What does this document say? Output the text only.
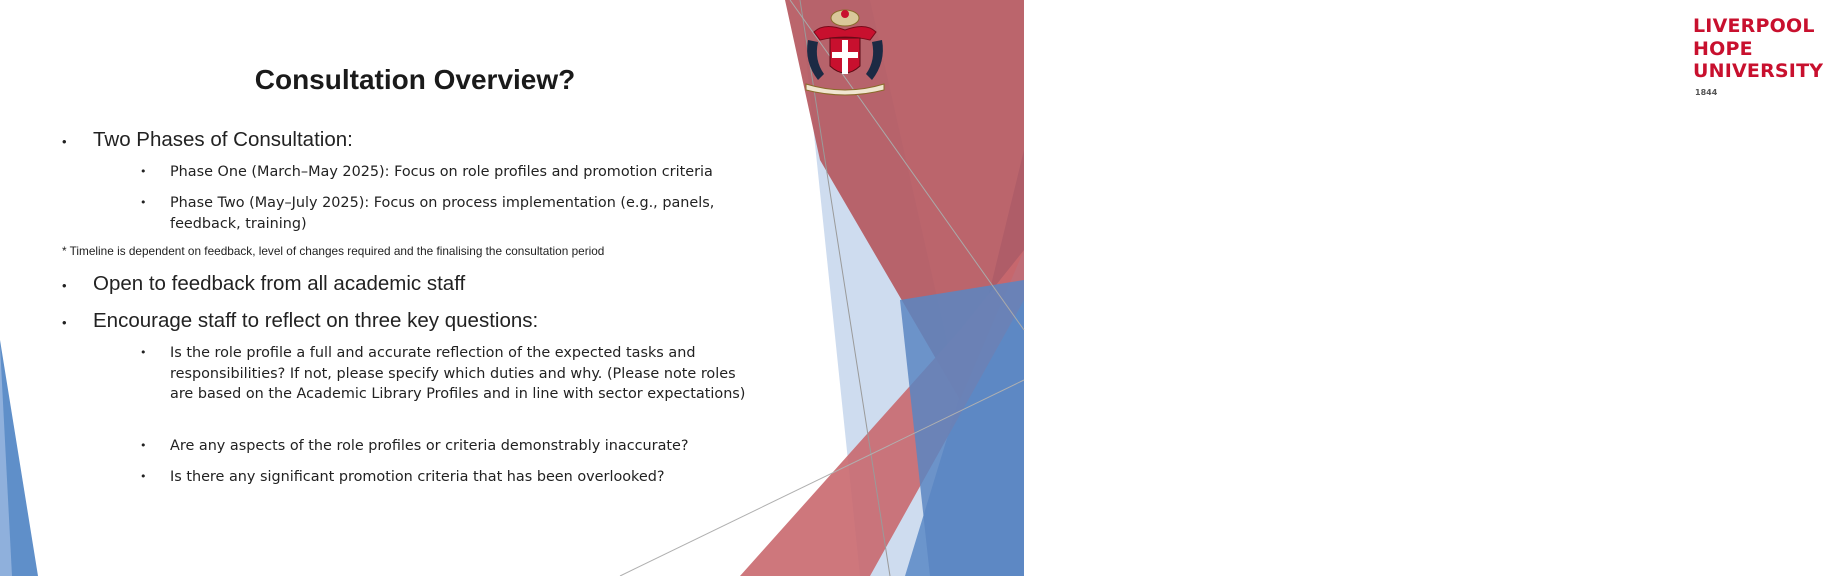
LIVERPOOL
HOPE
UNIVERSITY
1844
Consultation Overview?
• Two Phases of Consultation:
• Phase One (March–May 2025): Focus on role profiles and promotion criteria
• Phase Two (May–July 2025): Focus on process implementation (e.g., panels, feedback, training)
* Timeline is dependent on feedback, level of changes required and the finalising the consultation period
• Open to feedback from all academic staff
• Encourage staff to reflect on three key questions:
• Is the role profile a full and accurate reflection of the expected tasks and responsibilities? If not, please specify which duties and why. (Please note roles are based on the Academic Library Profiles and in line with sector expectations)
• Are any aspects of the role profiles or criteria demonstrably inaccurate?
• Is there any significant promotion criteria that has been overlooked?
